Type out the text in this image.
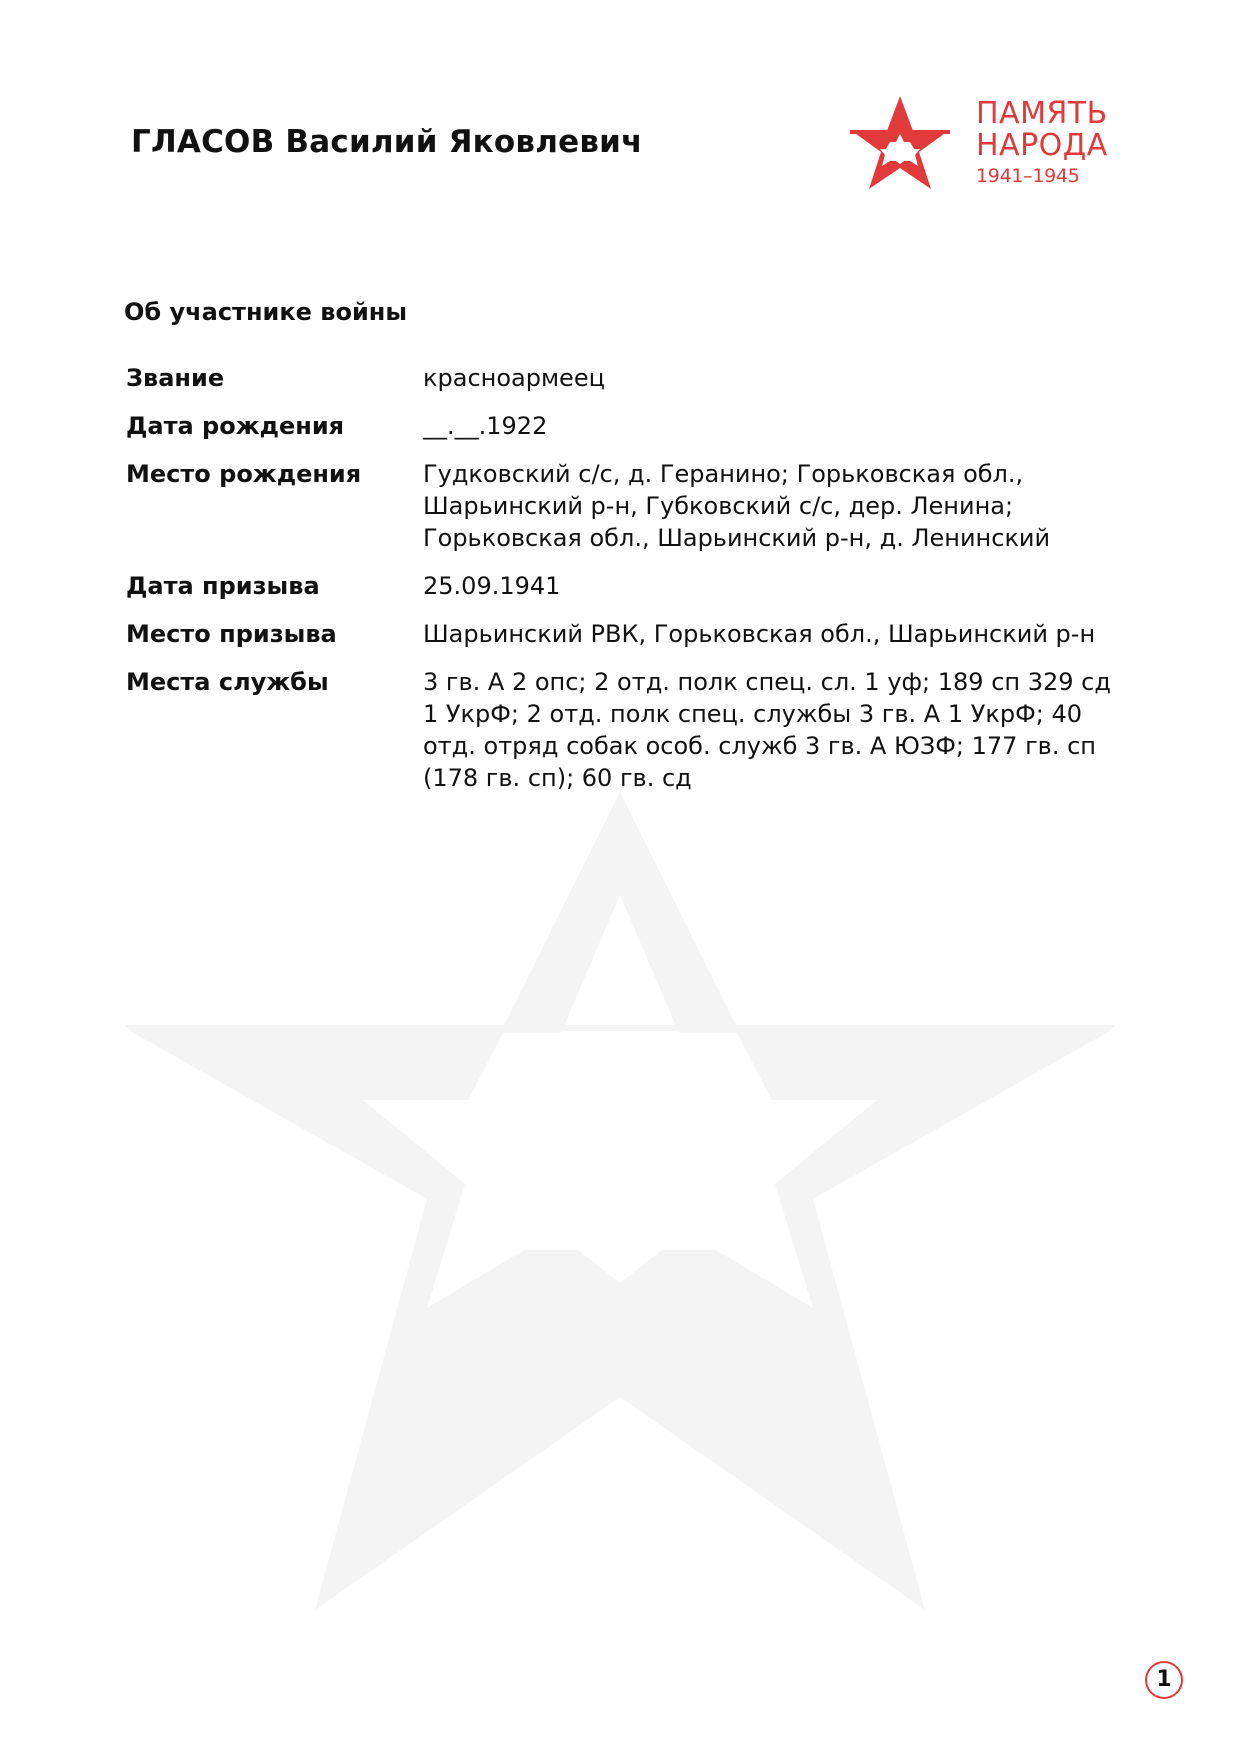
ГЛАСОВ Василий Яковлевич
ПАМЯТЬ
НАРОДА
1941–1945
Об участнике войны
Звание	красноармеец
Дата рождения	__.__.1922
Место рождения	Гудковский с/с, д. Геранино; Горьковская обл., Шарьинский р-н, Губковский с/с, дер. Ленина; Горьковская обл., Шарьинский р-н, д. Ленинский
Дата призыва	25.09.1941
Место призыва	Шарьинский РВК, Горьковская обл., Шарьинский р-н
Места службы	3 гв. А 2 опс; 2 отд. полк спец. сл. 1 уф; 189 сп 329 сд 1 УкрФ; 2 отд. полк спец. службы 3 гв. А 1 УкрФ; 40 отд. отряд собак особ. служб 3 гв. А ЮЗФ; 177 гв. сп (178 гв. сп); 60 гв. сд
1
